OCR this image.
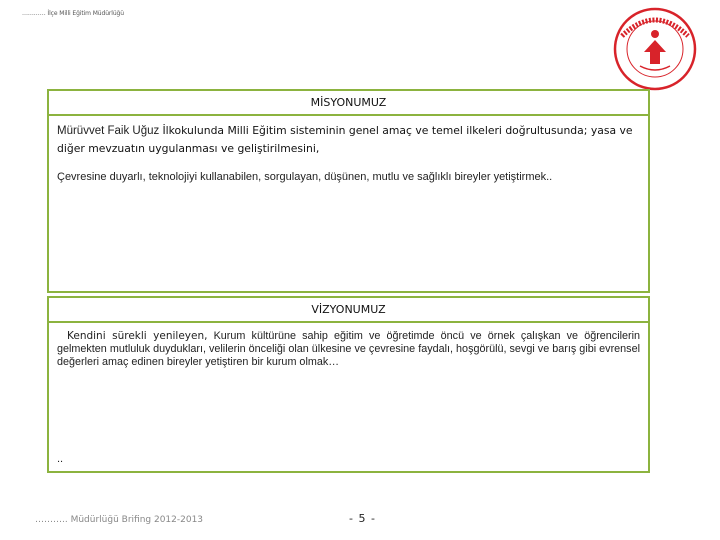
………… İlçe Milli Eğitim Müdürlüğü
MİSYONUMUZ

Mürüvvet Faik Uğuz İlkokulunda Milli Eğitim sisteminin genel amaç ve temel ilkeleri doğrultusunda; yasa ve diğer mevzuatın uygulanması ve geliştirilmesini,

Çevresine duyarlı, teknolojiyi kullanabilen, sorgulayan, düşünen, mutlu ve sağlıklı bireyler yetiştirmek..

VİZYONUMUZ

Kendini sürekli yenileyen, Kurum kültürüne sahip eğitim ve öğretimde öncü ve örnek çalışkan ve öğrencilerin gelmekten mutluluk duydukları, velilerin önceliği olan ülkesine ve çevresine faydalı, hoşgörülü, sevgi ve barış gibi evrensel değerleri amaç edinen bireyler yetiştiren bir kurum olmak…

..
……….. Müdürlüğü Brifing 2012-2013	- 5 -
